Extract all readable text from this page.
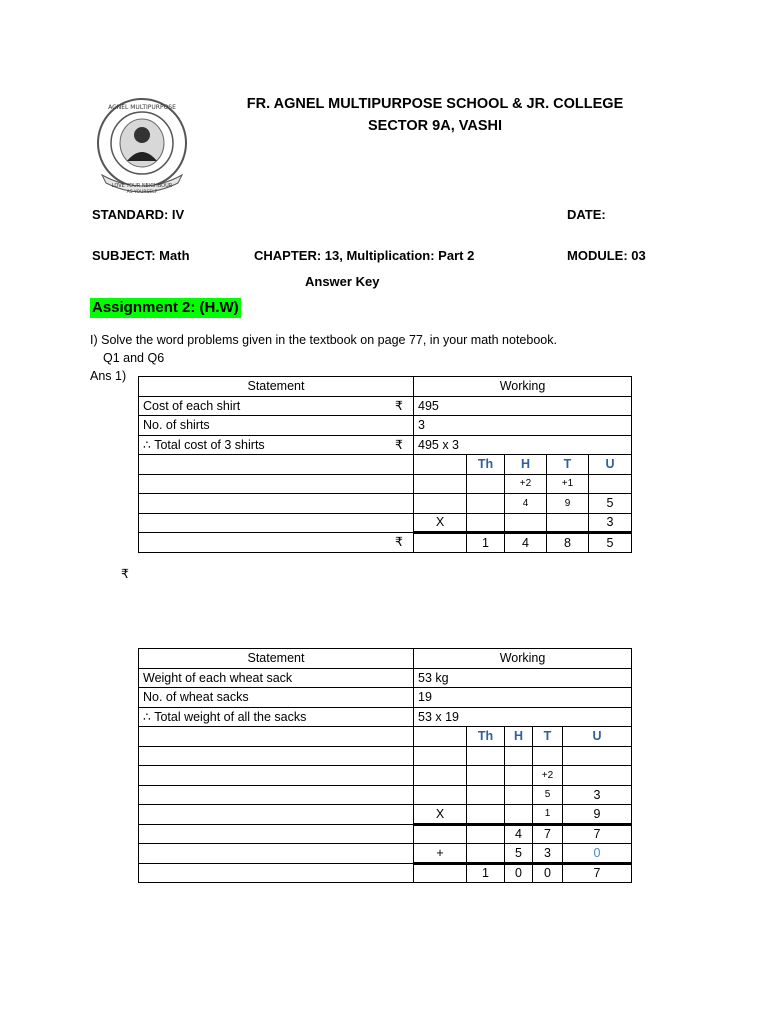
LOVE YOUR NEIGHBOUR
AS YOURSELF
AGNEL MULTIPURPOSE	FR. AGNEL MULTIPURPOSE SCHOOL & JR. COLLEGE
SECTOR 9A, VASHI
STANDARD: IV	DATE:
SUBJECT: Math	CHAPTER: 13, Multiplication: Part 2	MODULE: 03
Answer Key
Assignment 2: (H.W)
I) Solve the word problems given in the textbook on page 77, in your math notebook.
Q1 and Q6
Ans 1)
Statement	Working				
Cost of each shirt ₹	495				
No. of shirts	3				
∴ Total cost of 3 shirts ₹	495 x 3				
		Th	H	T	U
			+2	+1	
			4	9	5
	X				3

₹		1	4	8	5
₹
Statement	Working				
Weight of each wheat sack	53 kg				
No. of wheat sacks	19				
∴ Total weight of all the sacks	53 x 19				
		Th	H	T	U

				+2	
				5	3
	X			1	9
			4	7	7
	+		5	3	0
		1	0	0	7
